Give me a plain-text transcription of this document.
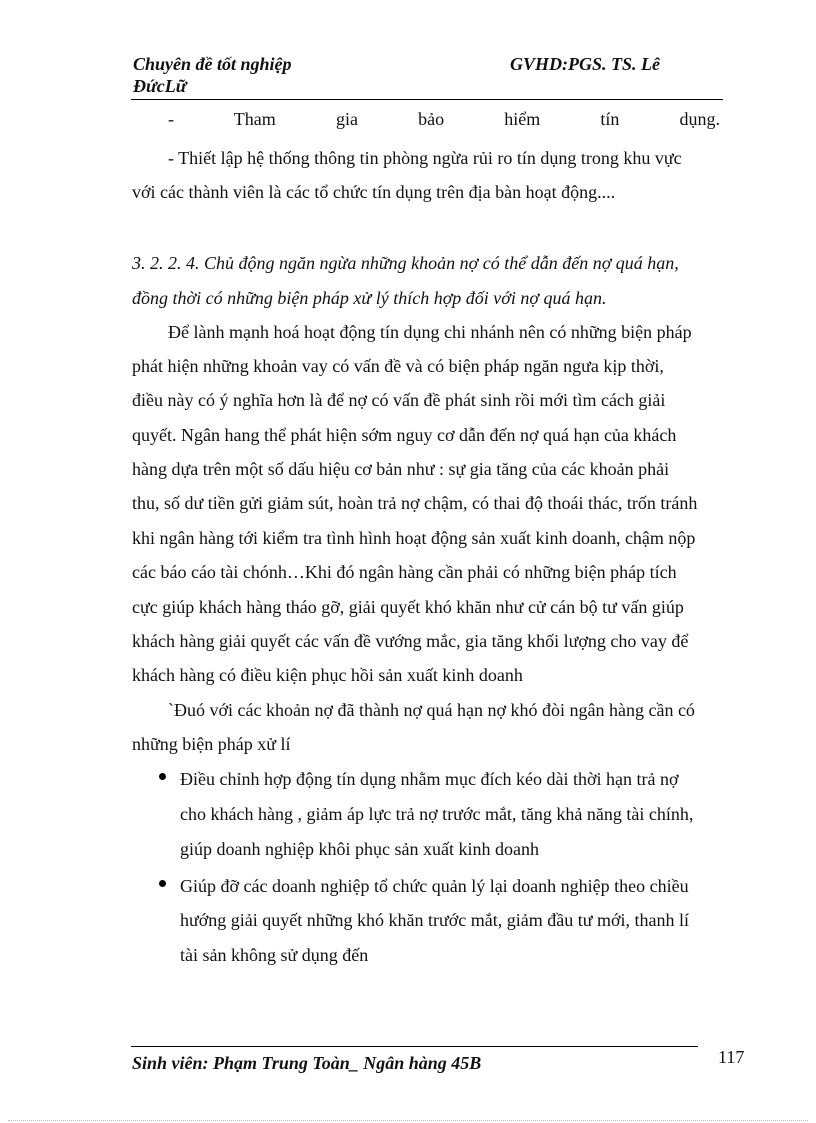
Chuyên đề tốt nghiệp
ĐứcLữ
GVHD:PGS. TS. Lê
- Tham gia bảo hiểm tín dụng.
- Thiết lập hệ thống thông tin phòng ngừa rủi ro tín dụng trong khu vực
với các thành viên là các tổ chức tín dụng trên địa bàn hoạt động....
3. 2. 2. 4. Chủ động ngăn ngừa những khoản nợ có thể dẫn đến nợ quá hạn,
đồng thời có những biện pháp xử lý thích hợp đối với nợ quá hạn.
Để lành mạnh hoá hoạt động tín dụng chi nhánh nên có những biện pháp
phát hiện những khoản vay có vấn đề và có biện pháp ngăn ngưa kịp thời,
điều này có ý nghĩa hơn là để nợ có vấn đề phát sinh rồi mới tìm cách giải
quyết. Ngân hang thể phát hiện sớm nguy cơ dẫn đến nợ quá hạn của khách
hàng dựa trên một số dấu hiệu cơ bản như : sự gia tăng của các khoản phải
thu, số dư tiền gửi giảm sút, hoàn trả nợ chậm, có thai độ thoái thác, trốn tránh
khi ngân hàng tới kiểm tra tình hình hoạt động sản xuất kinh doanh, chậm nộp
các báo cáo tài chónh…Khi đó ngân hàng cần phải có những biện pháp tích
cực giúp khách hàng tháo gỡ, giải quyết khó khăn như cử cán bộ tư vấn giúp
khách hàng giải quyết các vấn đề vướng mắc, gia tăng khối lượng cho vay để
khách hàng có điều kiện phục hồi sản xuất kinh doanh
`Đuó với các khoản nợ đã thành nợ quá hạn nợ khó đòi ngân hàng cần có
những biện pháp xử lí
Điều chỉnh hợp động tín dụng nhằm mục đích kéo dài thời hạn trả nợ
cho khách hàng , giảm áp lực trả nợ trước mắt, tăng khả năng tài chính,
giúp doanh nghiệp khôi phục sản xuất kinh doanh
Giúp đỡ các doanh nghiệp tổ chức quản lý lại doanh nghiệp theo chiều
hướng giải quyết những khó khăn trước mắt, giảm đầu tư mới, thanh lí
tài sản không sử dụng đến
Sinh viên: Phạm Trung Toàn_ Ngân hàng 45B	117
